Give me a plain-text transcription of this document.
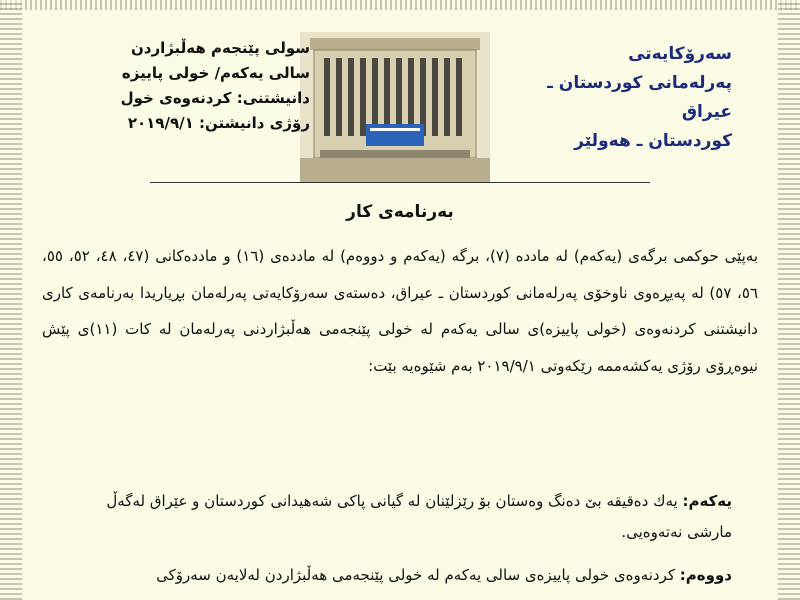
سەرۆکایەتی
پەرلەمانی کوردستان ـ عیراق
کوردستان ـ هەولێر
سولی پێنجەم هەڵبژاردن
سالی یەکەم/ خولی پاییزە
دانیشتنی: کردنەوەی خول
رۆژی دانیشتن: ٢٠١٩/٩/١
بەرنامەی کار

بەپێی حوکمی برگەی (یەکەم) لە ماددە (٧)، برگە (یەکەم و دووەم) لە ماددەی (١٦) و ماددەکانی (٤٧، ٤٨، ٥٢، ٥٥، ٥٦، ٥٧) لە پەیڕەوی ناوخۆی پەرلەمانی کوردستان ـ عیراق، دەستەی سەرۆکایەتی پەرلەمان بڕیاریدا بەرنامەی کاری دانیشتنی کردنەوەی (خولی پاییزە)ی سالی یەکەم لە خولی پێنجەمی هەڵبژاردنی پەرلەمان لە کات (١١)ی پێش نیوەڕۆی رۆژی یەکشەممە رێکەوتی ٢٠١٩/٩/١ بەم شێوەیە بێت:

یەکەم: یەك دەقیقە بێ دەنگ وەستان بۆ رێزلێنان لە گیانی پاکی شەهیدانی کوردستان و عێراق لەگەڵ مارشی نەتەوەیی.
دووەم: کردنەوەی خولی پاییزەی سالی یەکەم لە خولی پێنجەمی هەڵبژاردن لەلایەن سەرۆکی
